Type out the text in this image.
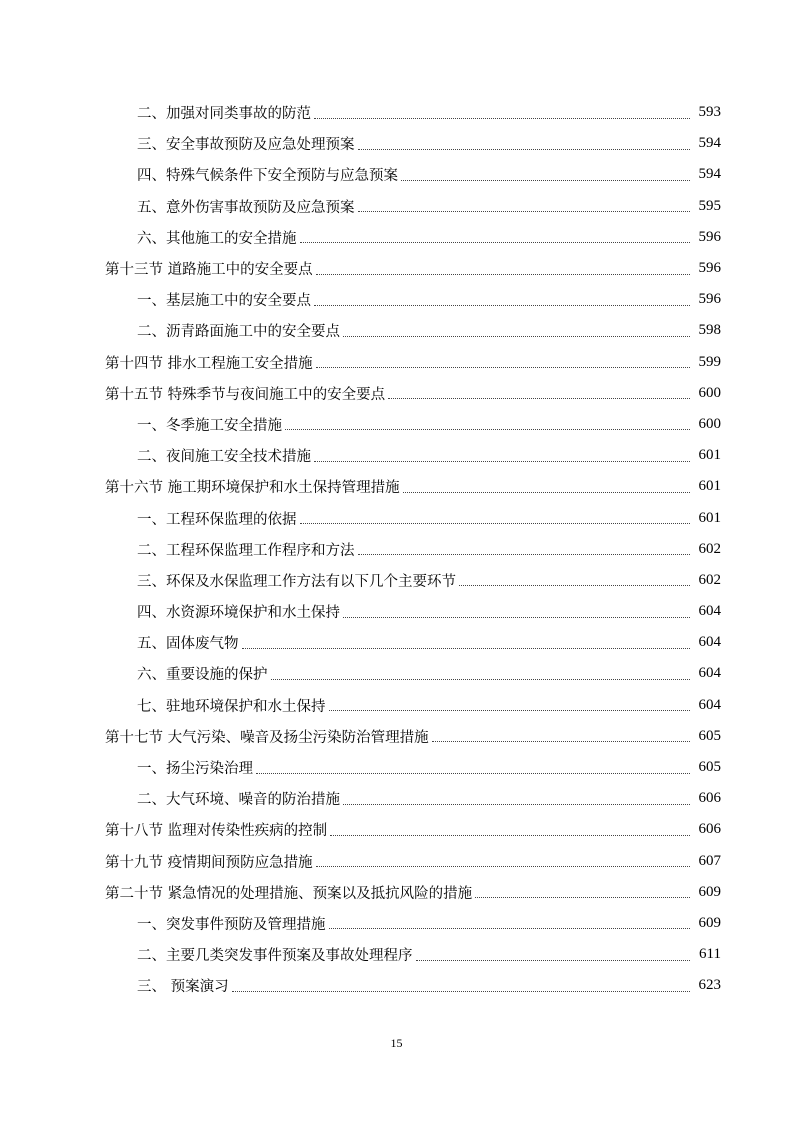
二、加强对同类事故的防范	593
三、安全事故预防及应急处理预案	594
四、特殊气候条件下安全预防与应急预案	594
五、意外伤害事故预防及应急预案	595
六、其他施工的安全措施	596
第十三节 道路施工中的安全要点	596
一、基层施工中的安全要点	596
二、沥青路面施工中的安全要点	598
第十四节 排水工程施工安全措施	599
第十五节 特殊季节与夜间施工中的安全要点	600
一、冬季施工安全措施	600
二、夜间施工安全技术措施	601
第十六节 施工期环境保护和水土保持管理措施	601
一、工程环保监理的依据	601
二、工程环保监理工作程序和方法	602
三、环保及水保监理工作方法有以下几个主要环节	602
四、水资源环境保护和水土保持	604
五、固体废气物	604
六、重要设施的保护	604
七、驻地环境保护和水土保持	604
第十七节 大气污染、噪音及扬尘污染防治管理措施	605
一、扬尘污染治理	605
二、大气环境、噪音的防治措施	606
第十八节 监理对传染性疾病的控制	606
第十九节 疫情期间预防应急措施	607
第二十节 紧急情况的处理措施、预案以及抵抗风险的措施	609
一、突发事件预防及管理措施	609
二、主要几类突发事件预案及事故处理程序	611
三、 预案演习	623
15
